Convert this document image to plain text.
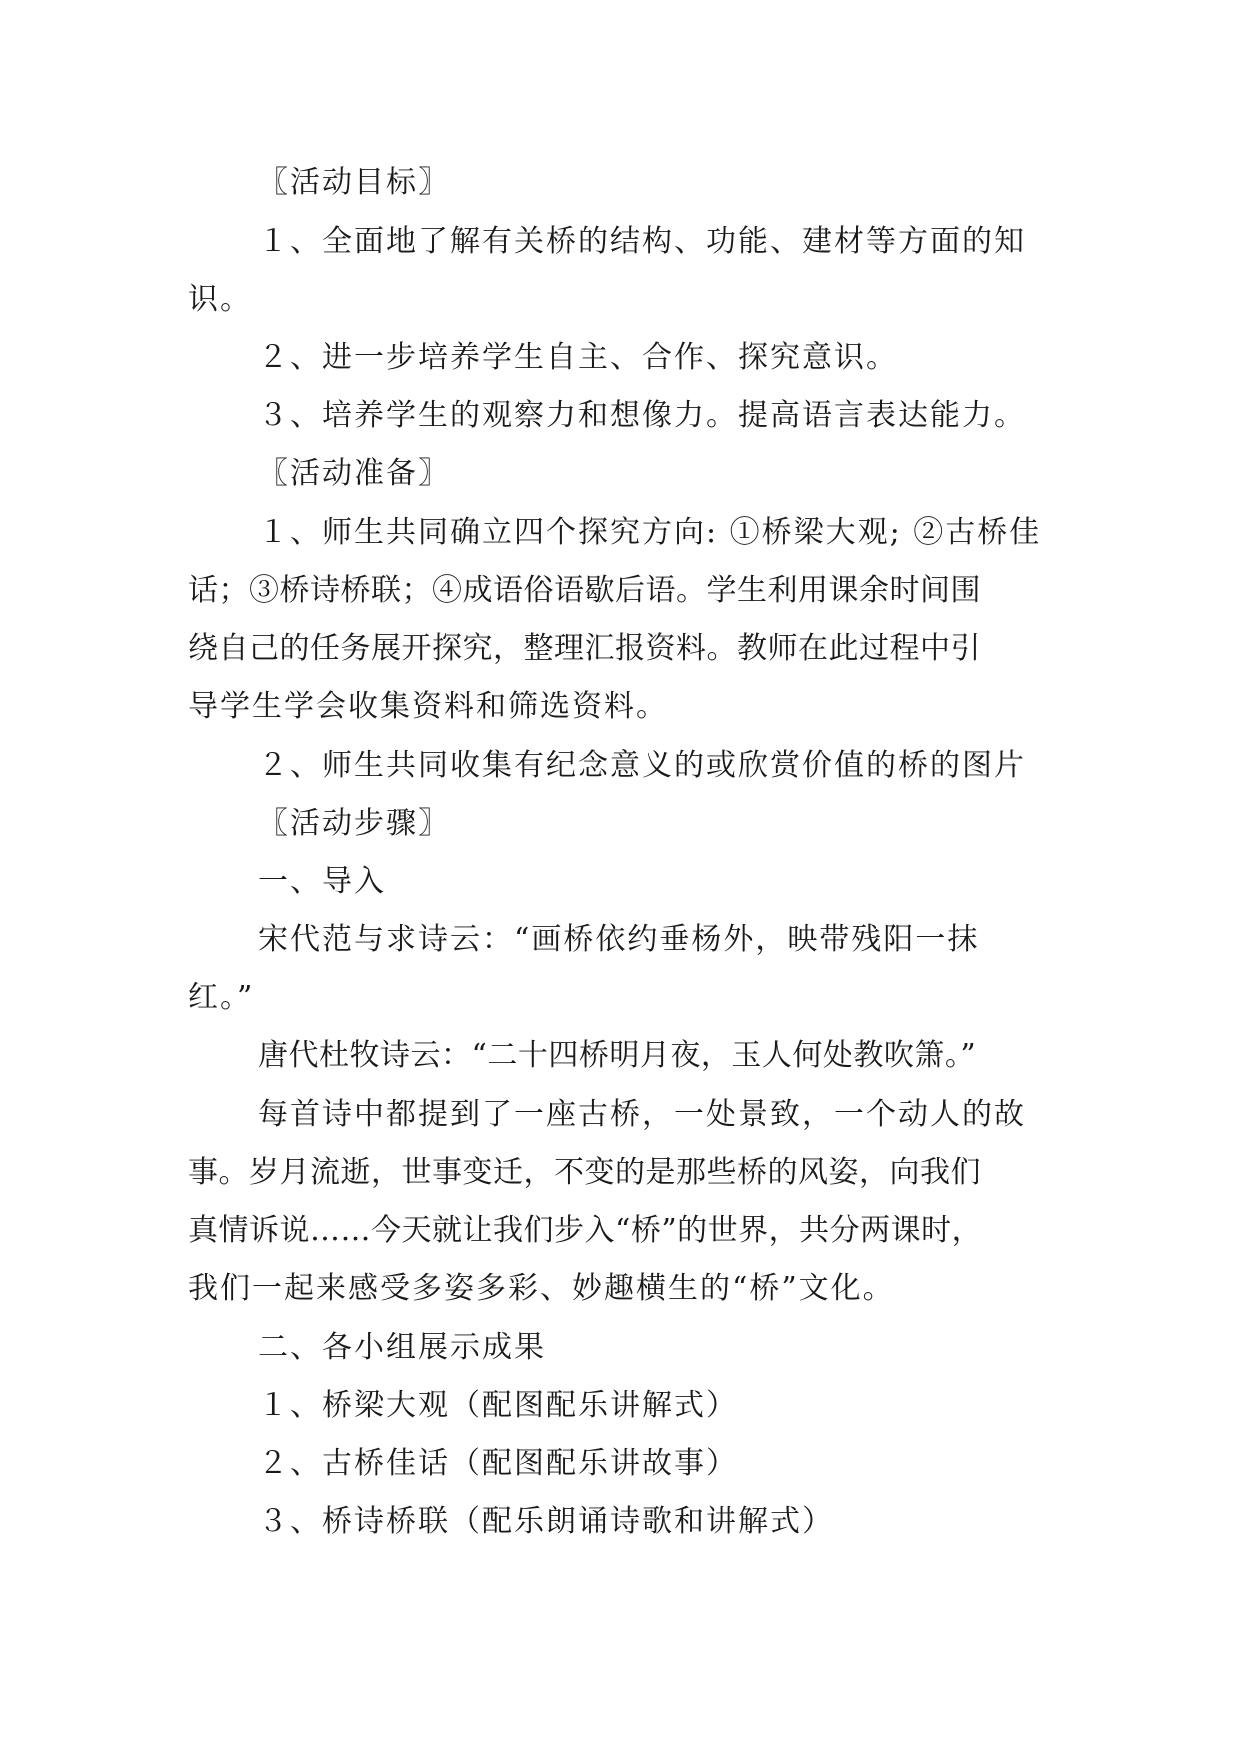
〖活动目标〗
１、全面地了解有关桥的结构、功能、建材等方面的知
识。
２、进一步培养学生自主、合作、探究意识。
３、培养学生的观察力和想像力。提高语言表达能力。
〖活动准备〗
１、师生共同确立四个探究方向: ①桥梁大观; ②古桥佳
话；③桥诗桥联；④成语俗语歇后语。学生利用课余时间围
绕自己的任务展开探究，整理汇报资料。教师在此过程中引
导学生学会收集资料和筛选资料。
２、师生共同收集有纪念意义的或欣赏价值的桥的图片
〖活动步骤〗
一、导入
宋代范与求诗云：“画桥依约垂杨外，映带残阳一抹
红。”
唐代杜牧诗云：“二十四桥明月夜，玉人何处教吹箫。”
每首诗中都提到了一座古桥，一处景致，一个动人的故
事。岁月流逝，世事变迁，不变的是那些桥的风姿，向我们
真情诉说……今天就让我们步入“桥”的世界，共分两课时，
我们一起来感受多姿多彩、妙趣横生的“桥”文化。
二、各小组展示成果
１、桥梁大观（配图配乐讲解式）
２、古桥佳话（配图配乐讲故事）
３、桥诗桥联（配乐朗诵诗歌和讲解式）
